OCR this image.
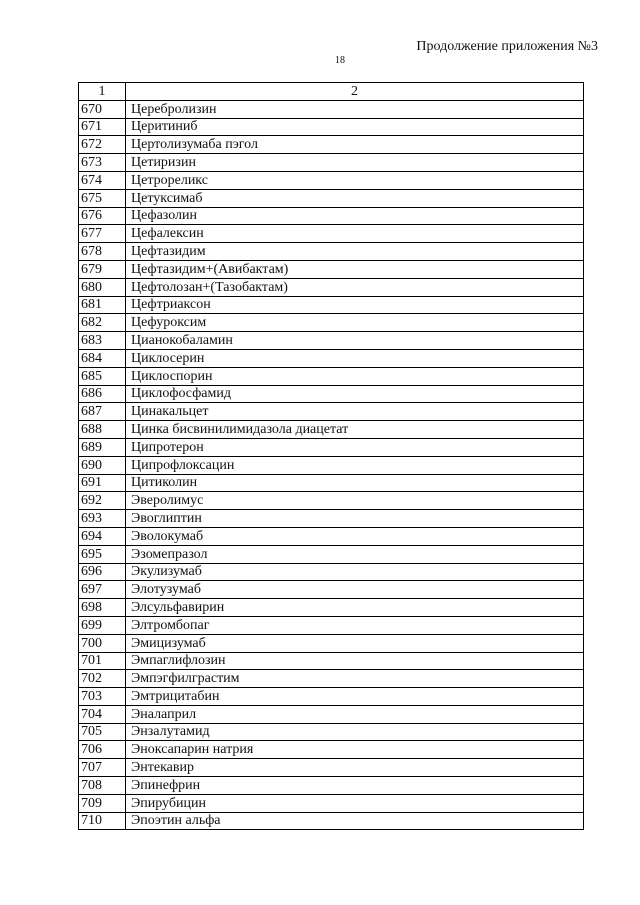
Продолжение приложения №3
18
1	2
670	Церебролизин
671	Церитиниб
672	Цертолизумаба пэгол
673	Цетиризин
674	Цетрореликс
675	Цетуксимаб
676	Цефазолин
677	Цефалексин
678	Цефтазидим
679	Цефтазидим+(Авибактам)
680	Цефтолозан+(Тазобактам)
681	Цефтриаксон
682	Цефуроксим
683	Цианокобаламин
684	Циклосерин
685	Циклоспорин
686	Циклофосфамид
687	Цинакальцет
688	Цинка бисвинилимидазола диацетат
689	Ципротерон
690	Ципрофлоксацин
691	Цитиколин
692	Эверолимус
693	Эвоглиптин
694	Эволокумаб
695	Эзомепразол
696	Экулизумаб
697	Элотузумаб
698	Элсульфавирин
699	Элтромбопаг
700	Эмицизумаб
701	Эмпаглифлозин
702	Эмпэгфилграстим
703	Эмтрицитабин
704	Эналаприл
705	Энзалутамид
706	Эноксапарин натрия
707	Энтекавир
708	Эпинефрин
709	Эпирубицин
710	Эпоэтин альфа
